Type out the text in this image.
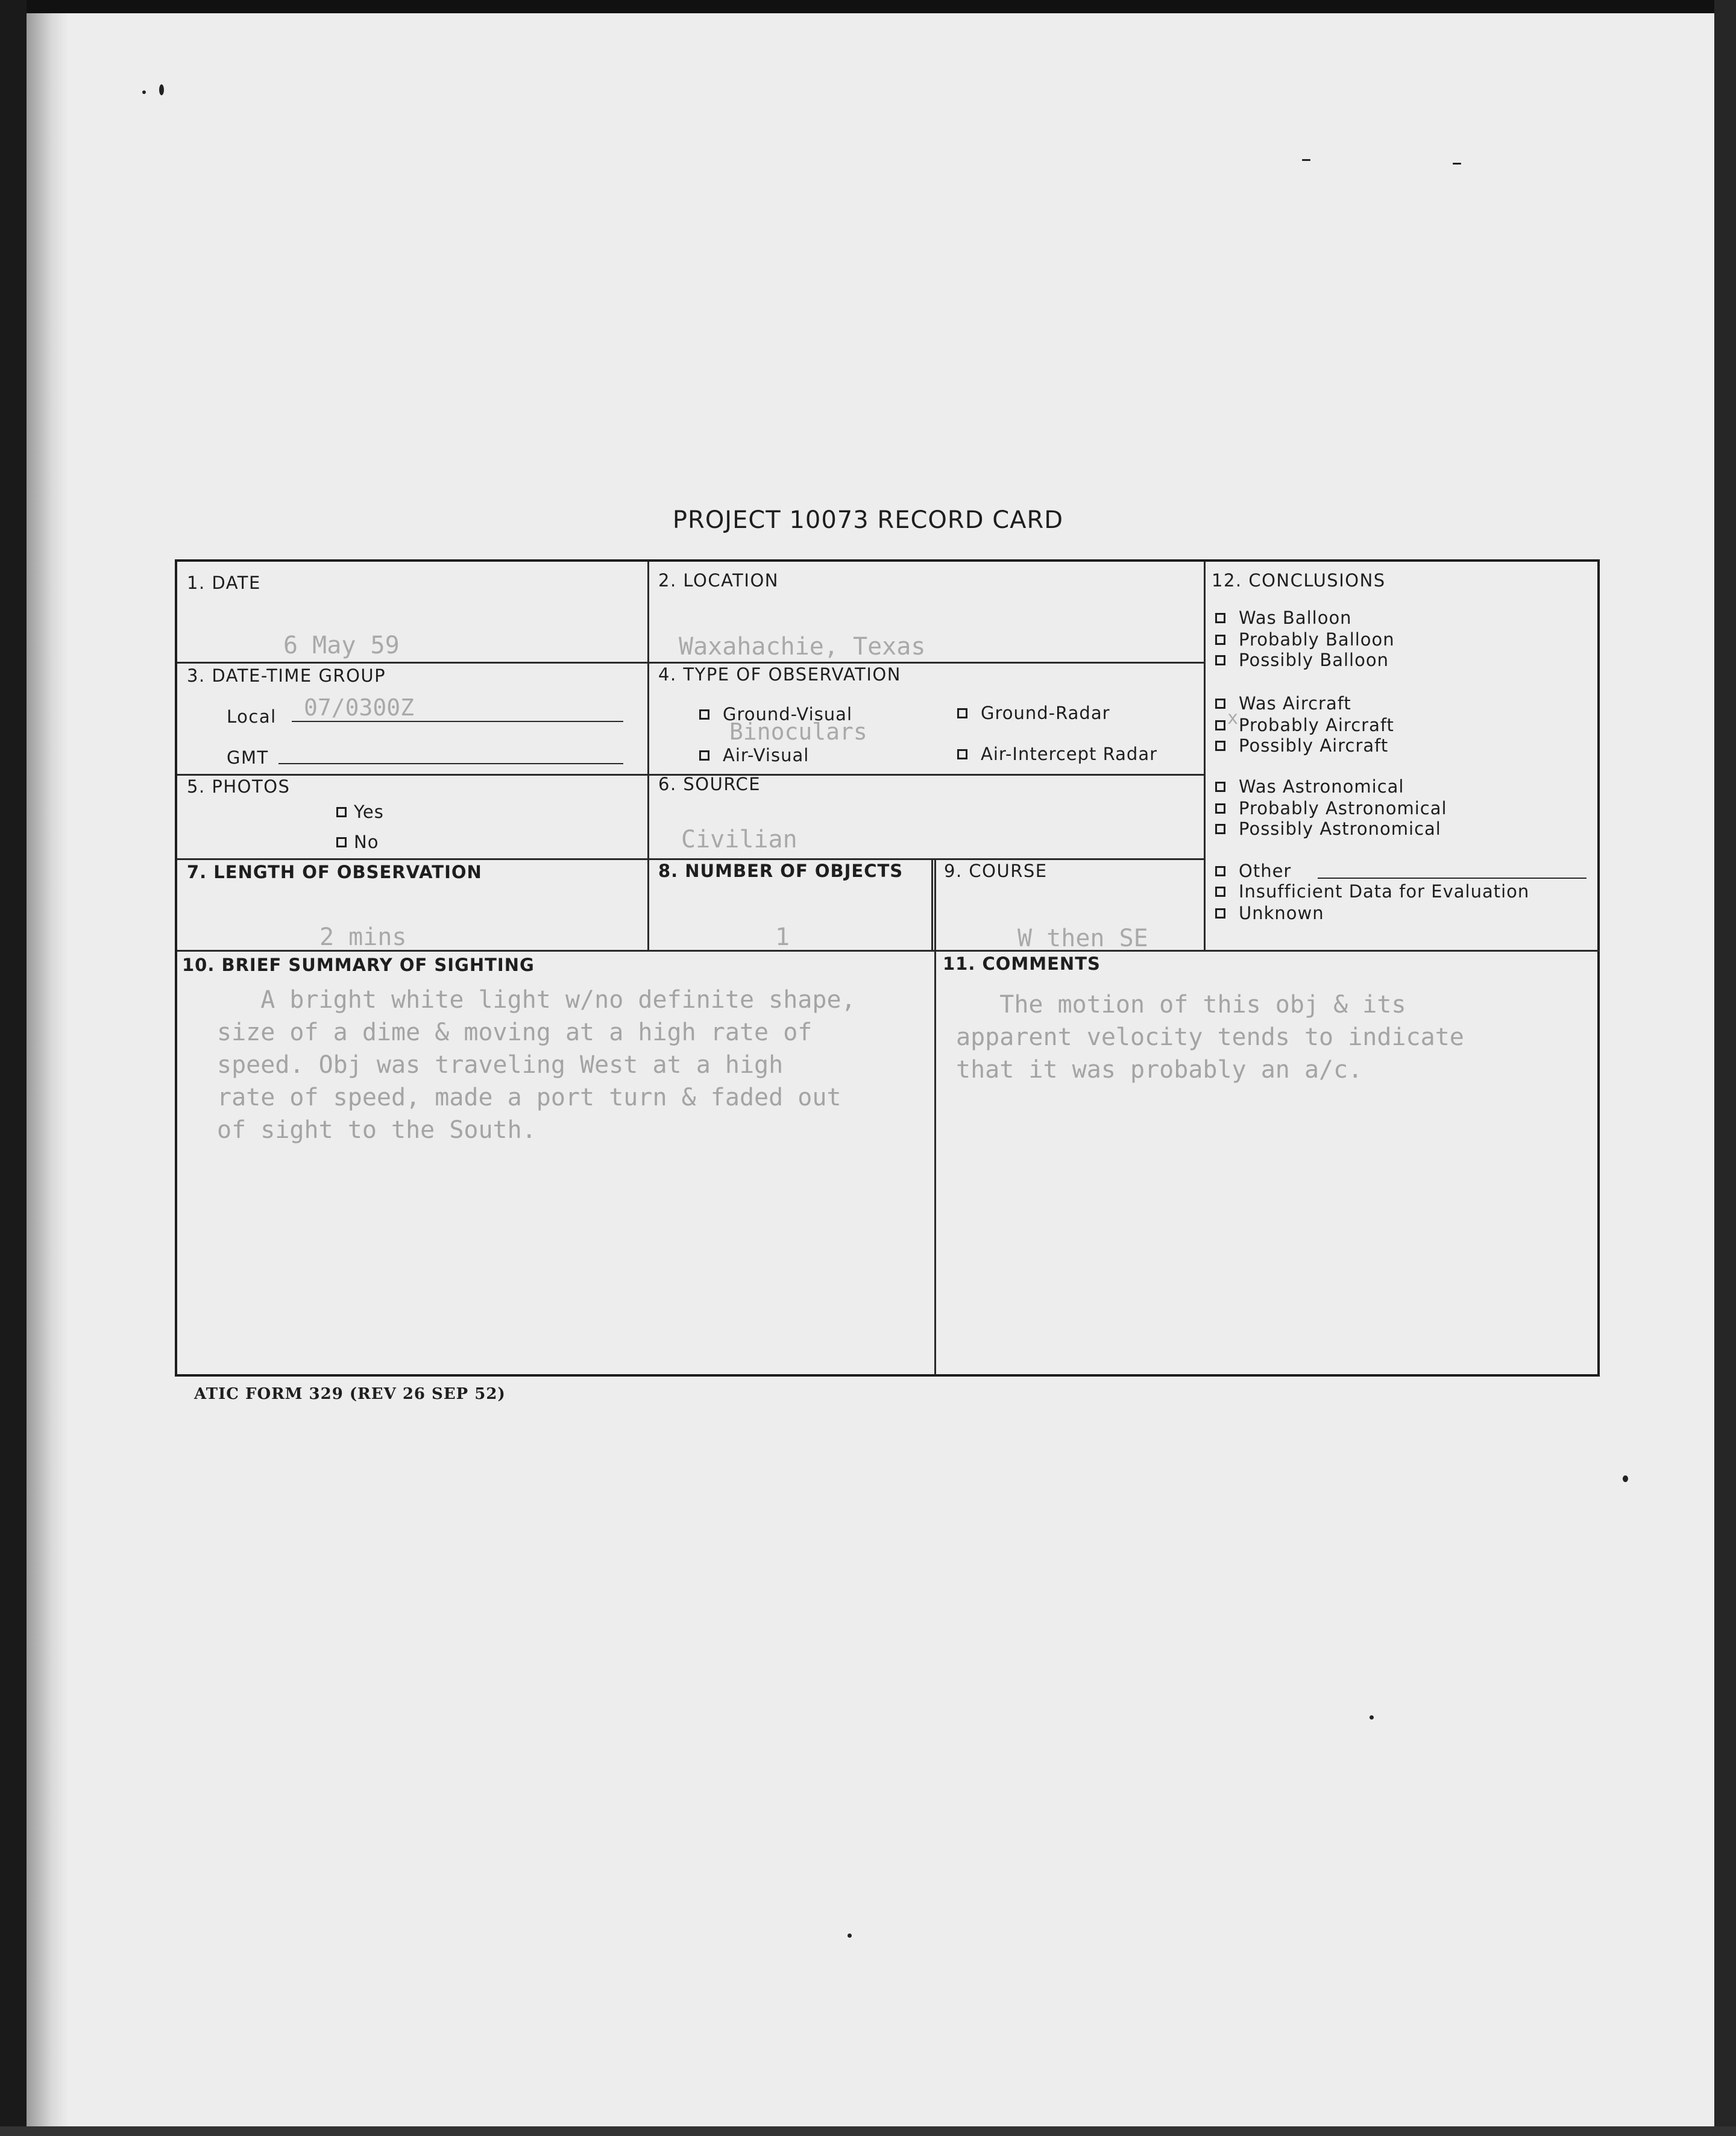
PROJECT 10073 RECORD CARD
1. DATE
6 May 59
2. LOCATION
Waxahachie, Texas
3. DATE-TIME GROUP
Local 07/0300Z
GMT
4. TYPE OF OBSERVATION
Ground-Visual	Ground-Radar
Binoculars
Air-Visual	Air-Intercept Radar
5. PHOTOS
Yes
No
6. SOURCE
Civilian
7. LENGTH OF OBSERVATION
2 mins
8. NUMBER OF OBJECTS
1
9. COURSE
W then SE
12. CONCLUSIONS
Was Balloon
Probably Balloon
Possibly Balloon
Was Aircraft
Probably Aircraft
x
Possibly Aircraft
Was Astronomical
Probably Astronomical
Possibly Astronomical
Other
Insufficient Data for Evaluation
Unknown
10. BRIEF SUMMARY OF SIGHTING
A bright white light w/no definite shape,
size of a dime & moving at a high rate of
speed. Obj was traveling West at a high
rate of speed, made a port turn & faded out
of sight to the South.
11. COMMENTS
The motion of this obj & its
apparent velocity tends to indicate
that it was probably an a/c.
ATIC FORM 329 (REV 26 SEP 52)
